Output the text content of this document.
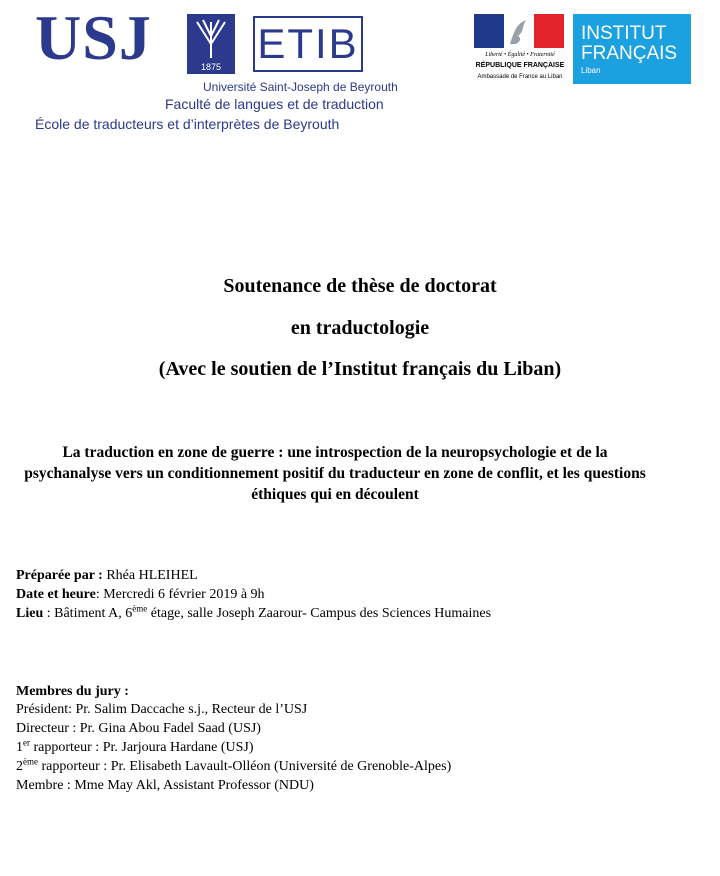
USJ	1875 ETIB
Université Saint-Joseph de Beyrouth
Faculté de langues et de traduction
École de traducteurs et d’interprètes de Beyrouth
Liberté • Égalité • Fraternité
RÉPUBLIQUE FRANÇAISE
Ambassade de France au Liban
INSTITUT
FRANÇAIS
Liban
Soutenance de thèse de doctorat
en traductologie
(Avec le soutien de l’Institut français du Liban)
La traduction en zone de guerre : une introspection de la neuropsychologie et de la psychanalyse vers un conditionnement positif du traducteur en zone de conflit, et les questions éthiques qui en découlent
Préparée par : Rhéa HLEIHEL
Date et heure: Mercredi 6 février 2019 à 9h
Lieu : Bâtiment A, 6ème étage, salle Joseph Zaarour- Campus des Sciences Humaines
Membres du jury :
Président: Pr. Salim Daccache s.j., Recteur de l’USJ
Directeur : Pr. Gina Abou Fadel Saad (USJ)
1er rapporteur : Pr. Jarjoura Hardane (USJ)
2ème rapporteur : Pr. Elisabeth Lavault-Olléon (Université de Grenoble-Alpes)
Membre : Mme May Akl, Assistant Professor (NDU)
